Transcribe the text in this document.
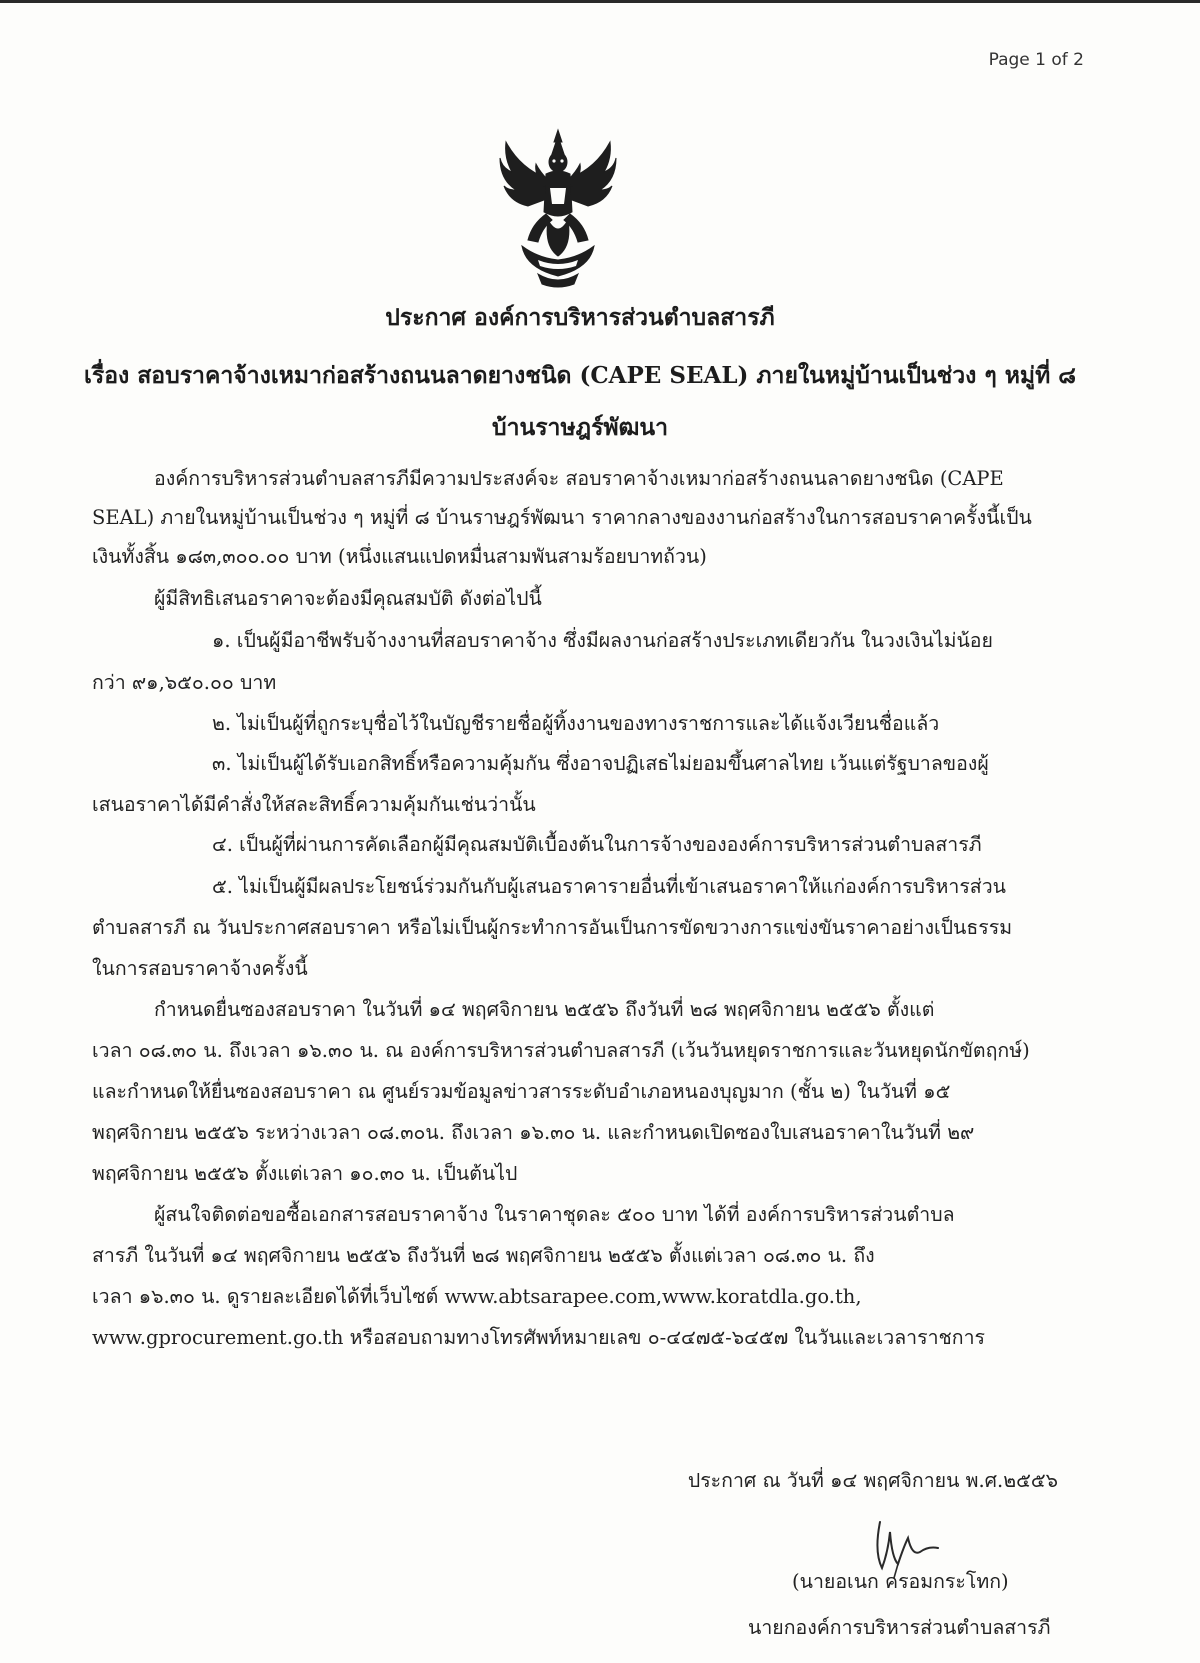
Page 1 of 2
ประกาศ องค์การบริหารส่วนตำบลสารภี
เรื่อง สอบราคาจ้างเหมาก่อสร้างถนนลาดยางชนิด (CAPE SEAL) ภายในหมู่บ้านเป็นช่วง ๆ หมู่ที่ ๘
บ้านราษฎร์พัฒนา
องค์การบริหารส่วนตำบลสารภีมีความประสงค์จะ สอบราคาจ้างเหมาก่อสร้างถนนลาดยางชนิด (CAPE
SEAL) ภายในหมู่บ้านเป็นช่วง ๆ หมู่ที่ ๘ บ้านราษฎร์พัฒนา ราคากลางของงานก่อสร้างในการสอบราคาครั้งนี้เป็น
เงินทั้งสิ้น ๑๘๓,๓๐๐.๐๐ บาท (หนึ่งแสนแปดหมื่นสามพันสามร้อยบาทถ้วน)
ผู้มีสิทธิเสนอราคาจะต้องมีคุณสมบัติ ดังต่อไปนี้
๑. เป็นผู้มีอาชีพรับจ้างงานที่สอบราคาจ้าง ซึ่งมีผลงานก่อสร้างประเภทเดียวกัน ในวงเงินไม่น้อย
กว่า ๙๑,๖๕๐.๐๐ บาท
๒. ไม่เป็นผู้ที่ถูกระบุชื่อไว้ในบัญชีรายชื่อผู้ทิ้งงานของทางราชการและได้แจ้งเวียนชื่อแล้ว
๓. ไม่เป็นผู้ได้รับเอกสิทธิ์หรือความคุ้มกัน ซึ่งอาจปฏิเสธไม่ยอมขึ้นศาลไทย เว้นแต่รัฐบาลของผู้
เสนอราคาได้มีคำสั่งให้สละสิทธิ์ความคุ้มกันเช่นว่านั้น
๔. เป็นผู้ที่ผ่านการคัดเลือกผู้มีคุณสมบัติเบื้องต้นในการจ้างขององค์การบริหารส่วนตำบลสารภี
๕. ไม่เป็นผู้มีผลประโยชน์ร่วมกันกับผู้เสนอราคารายอื่นที่เข้าเสนอราคาให้แก่องค์การบริหารส่วน
ตำบลสารภี ณ วันประกาศสอบราคา หรือไม่เป็นผู้กระทำการอันเป็นการขัดขวางการแข่งขันราคาอย่างเป็นธรรม
ในการสอบราคาจ้างครั้งนี้
กำหนดยื่นซองสอบราคา ในวันที่ ๑๔ พฤศจิกายน ๒๕๕๖ ถึงวันที่ ๒๘ พฤศจิกายน ๒๕๕๖ ตั้งแต่
เวลา ๐๘.๓๐ น. ถึงเวลา ๑๖.๓๐ น. ณ องค์การบริหารส่วนตำบลสารภี (เว้นวันหยุดราชการและวันหยุดนักขัตฤกษ์)
และกำหนดให้ยื่นซองสอบราคา ณ ศูนย์รวมข้อมูลข่าวสารระดับอำเภอหนองบุญมาก (ชั้น ๒) ในวันที่ ๑๕
พฤศจิกายน ๒๕๕๖ ระหว่างเวลา ๐๘.๓๐น. ถึงเวลา ๑๖.๓๐ น. และกำหนดเปิดซองใบเสนอราคาในวันที่ ๒๙
พฤศจิกายน ๒๕๕๖ ตั้งแต่เวลา ๑๐.๓๐ น. เป็นต้นไป
ผู้สนใจติดต่อขอซื้อเอกสารสอบราคาจ้าง ในราคาชุดละ ๕๐๐ บาท ได้ที่ องค์การบริหารส่วนตำบล
สารภี ในวันที่ ๑๔ พฤศจิกายน ๒๕๕๖ ถึงวันที่ ๒๘ พฤศจิกายน ๒๕๕๖ ตั้งแต่เวลา ๐๘.๓๐ น. ถึง
เวลา ๑๖.๓๐ น. ดูรายละเอียดได้ที่เว็บไซต์ www.abtsarapee.com,www.koratdla.go.th,
www.gprocurement.go.th หรือสอบถามทางโทรศัพท์หมายเลข ๐-๔๔๗๕-๖๔๕๗ ในวันและเวลาราชการ
ประกาศ ณ วันที่ ๑๔ พฤศจิกายน พ.ศ.๒๕๕๖
(นายอเนก ครอมกระโทก)
นายกองค์การบริหารส่วนตำบลสารภี
